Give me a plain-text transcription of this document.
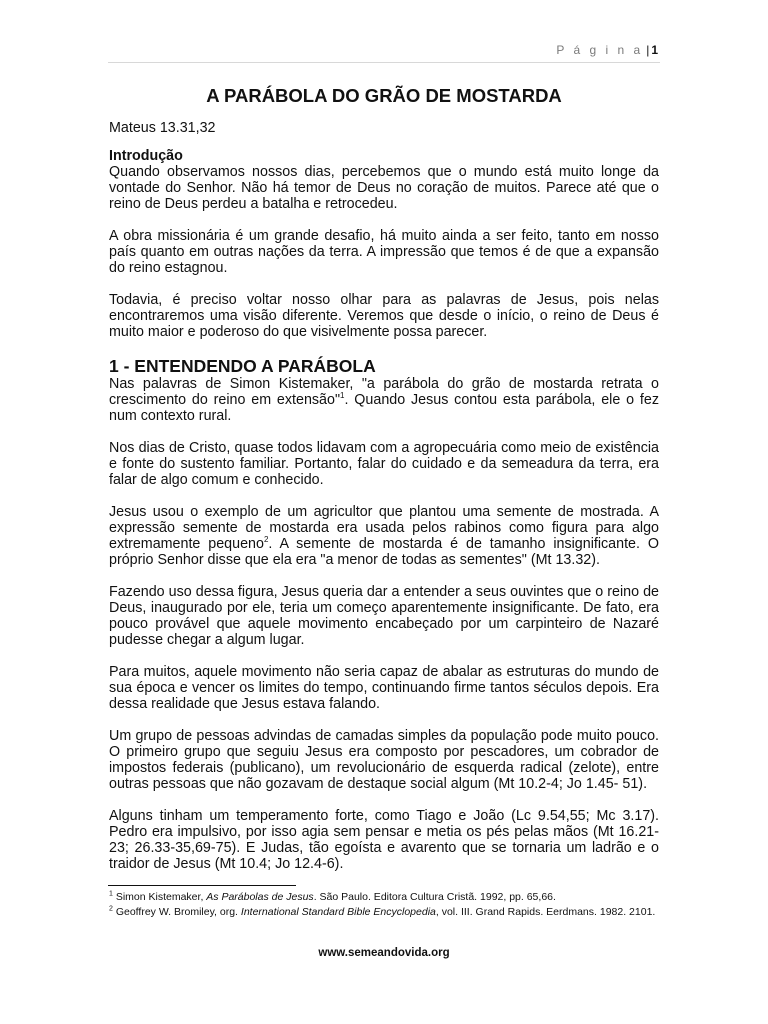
P á g i n a | 1
A PARÁBOLA DO GRÃO DE MOSTARDA

Mateus 13.31,32

Introdução
Quando observamos nossos dias, percebemos que o mundo está muito longe da vontade do Senhor. Não há temor de Deus no coração de muitos. Parece até que o reino de Deus perdeu a batalha e retrocedeu.

A obra missionária é um grande desafio, há muito ainda a ser feito, tanto em nosso país quanto em outras nações da terra. A impressão que temos é de que a expansão do reino estagnou.

Todavia, é preciso voltar nosso olhar para as palavras de Jesus, pois nelas encontraremos uma visão diferente. Veremos que desde o início, o reino de Deus é muito maior e poderoso do que visivelmente possa parecer.

1 - ENTENDENDO A PARÁBOLA

Nas palavras de Simon Kistemaker, "a parábola do grão de mostarda retrata o crescimento do reino em extensão"$^1$. Quando Jesus contou esta parábola, ele o fez num contexto rural.

Nos dias de Cristo, quase todos lidavam com a agropecuária como meio de existência e fonte do sustento familiar. Portanto, falar do cuidado e da semeadura da terra, era falar de algo comum e conhecido.

Jesus usou o exemplo de um agricultor que plantou uma semente de mostrada. A expressão semente de mostarda era usada pelos rabinos como figura para algo extremamente pequeno$^2$. A semente de mostarda é de tamanho insignificante. O próprio Senhor disse que ela era "a menor de todas as sementes" (Mt 13.32).

Fazendo uso dessa figura, Jesus queria dar a entender a seus ouvintes que o reino de Deus, inaugurado por ele, teria um começo aparentemente insignificante. De fato, era pouco provável que aquele movimento encabeçado por um carpinteiro de Nazaré pudesse chegar a algum lugar.

Para muitos, aquele movimento não seria capaz de abalar as estruturas do mundo de sua época e vencer os limites do tempo, continuando firme tantos séculos depois. Era dessa realidade que Jesus estava falando.

Um grupo de pessoas advindas de camadas simples da população pode muito pouco. O primeiro grupo que seguiu Jesus era composto por pescadores, um cobrador de impostos federais (publicano), um revolucionário de esquerda radical (zelote), entre outras pessoas que não gozavam de destaque social algum (Mt 10.2-4; Jo 1.45- 51).

Alguns tinham um temperamento forte, como Tiago e João (Lc 9.54,55; Mc 3.17). Pedro era impulsivo, por isso agia sem pensar e metia os pés pelas mãos (Mt 16.21-23; 26.33-35,69-75). E Judas, tão egoísta e avarento que se tornaria um ladrão e o traidor de Jesus (Mt 10.4; Jo 12.4-6).

$^1$ Simon Kistemaker, As Parábolas de Jesus. São Paulo. Editora Cultura Cristã. 1992, pp. 65,66.
$^2$ Geoffrey W. Bromiley, org. International Standard Bible Encyclopedia, vol. III. Grand Rapids. Eerdmans. 1982. 2101.
www.semeandovida.org
